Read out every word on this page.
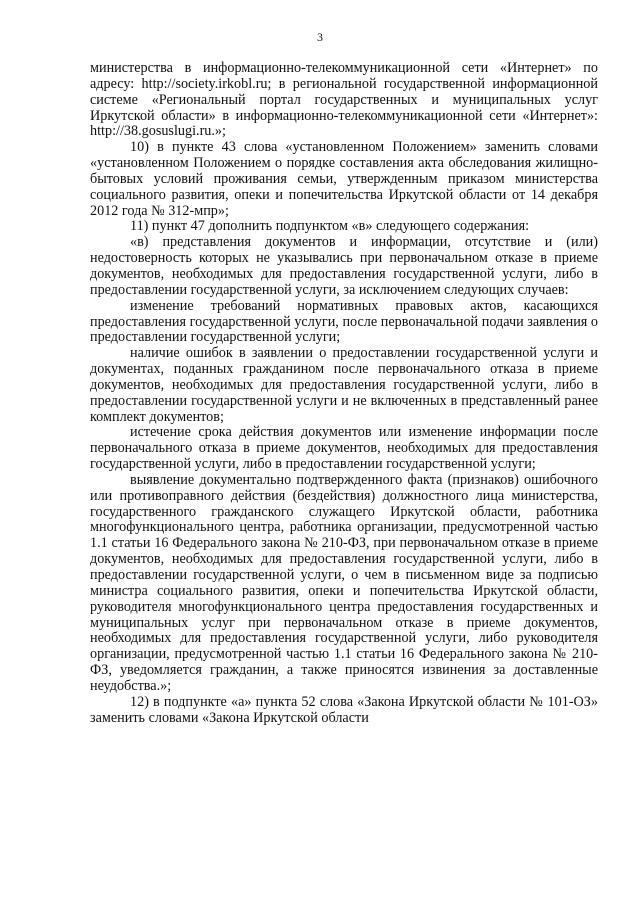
3

министерства в информационно-телекоммуникационной сети «Интернет» по адресу: http://society.irkobl.ru; в региональной государственной информационной системе «Региональный портал государственных и муниципальных услуг Иркутской области» в информационно-телекоммуникационной сети «Интернет»: http://38.gosuslugi.ru.»;

10) в пункте 43 слова «установленном Положением» заменить словами «установленном Положением о порядке составления акта обследования жилищно-бытовых условий проживания семьи, утвержденным приказом министерства социального развития, опеки и попечительства Иркутской области от 14 декабря 2012 года № 312-мпр»;

11) пункт 47 дополнить подпунктом «в» следующего содержания:

«в) представления документов и информации, отсутствие и (или) недостоверность которых не указывались при первоначальном отказе в приеме документов, необходимых для предоставления государственной услуги, либо в предоставлении государственной услуги, за исключением следующих случаев:

изменение требований нормативных правовых актов, касающихся предоставления государственной услуги, после первоначальной подачи заявления о предоставлении государственной услуги;

наличие ошибок в заявлении о предоставлении государственной услуги и документах, поданных гражданином после первоначального отказа в приеме документов, необходимых для предоставления государственной услуги, либо в предоставлении государственной услуги и не включенных в представленный ранее комплект документов;

истечение срока действия документов или изменение информации после первоначального отказа в приеме документов, необходимых для предоставления государственной услуги, либо в предоставлении государственной услуги;

выявление документально подтвержденного факта (признаков) ошибочного или противоправного действия (бездействия) должностного лица министерства, государственного гражданского служащего Иркутской области, работника многофункционального центра, работника организации, предусмотренной частью 1.1 статьи 16 Федерального закона № 210-ФЗ, при первоначальном отказе в приеме документов, необходимых для предоставления государственной услуги, либо в предоставлении государственной услуги, о чем в письменном виде за подписью министра социального развития, опеки и попечительства Иркутской области, руководителя многофункционального центра предоставления государственных и муниципальных услуг при первоначальном отказе в приеме документов, необходимых для предоставления государственной услуги, либо руководителя организации, предусмотренной частью 1.1 статьи 16 Федерального закона № 210-ФЗ, уведомляется гражданин, а также приносятся извинения за доставленные неудобства.»;

12) в подпункте «а» пункта 52 слова «Закона Иркутской области № 101-ОЗ» заменить словами «Закона Иркутской области
